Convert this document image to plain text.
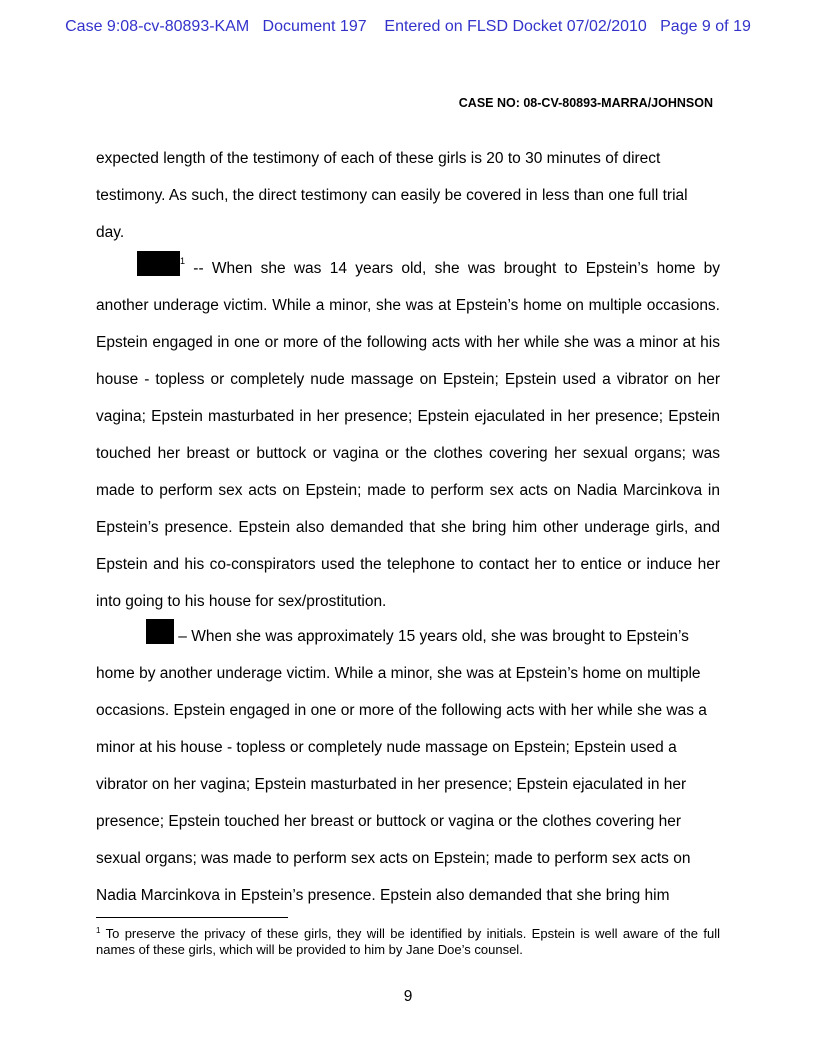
Case 9:08-cv-80893-KAM   Document 197    Entered on FLSD Docket 07/02/2010   Page 9 of 19
CASE NO: 08-CV-80893-MARRA/JOHNSON

expected length of the testimony of each of these girls is 20 to 30 minutes of direct testimony. As such, the direct testimony can easily be covered in less than one full trial day.

$^1$ -- When she was 14 years old, she was brought to Epstein’s home by another underage victim. While a minor, she was at Epstein’s home on multiple occasions. Epstein engaged in one or more of the following acts with her while she was a minor at his house - topless or completely nude massage on Epstein; Epstein used a vibrator on her vagina; Epstein masturbated in her presence; Epstein ejaculated in her presence; Epstein touched her breast or buttock or vagina or the clothes covering her sexual organs; was made to perform sex acts on Epstein; made to perform sex acts on Nadia Marcinkova in Epstein’s presence. Epstein also demanded that she bring him other underage girls, and Epstein and his co-conspirators used the telephone to contact her to entice or induce her into going to his house for sex/prostitution.

– When she was approximately 15 years old, she was brought to Epstein’s home by another underage victim. While a minor, she was at Epstein’s home on multiple occasions. Epstein engaged in one or more of the following acts with her while she was a minor at his house - topless or completely nude massage on Epstein; Epstein used a vibrator on her vagina; Epstein masturbated in her presence; Epstein ejaculated in her presence; Epstein touched her breast or buttock or vagina or the clothes covering her sexual organs; was made to perform sex acts on Epstein; made to perform sex acts on Nadia Marcinkova in Epstein’s presence. Epstein also demanded that she bring him

$^1$ To preserve the privacy of these girls, they will be identified by initials. Epstein is well aware of the full names of these girls, which will be provided to him by Jane Doe’s counsel.
9
